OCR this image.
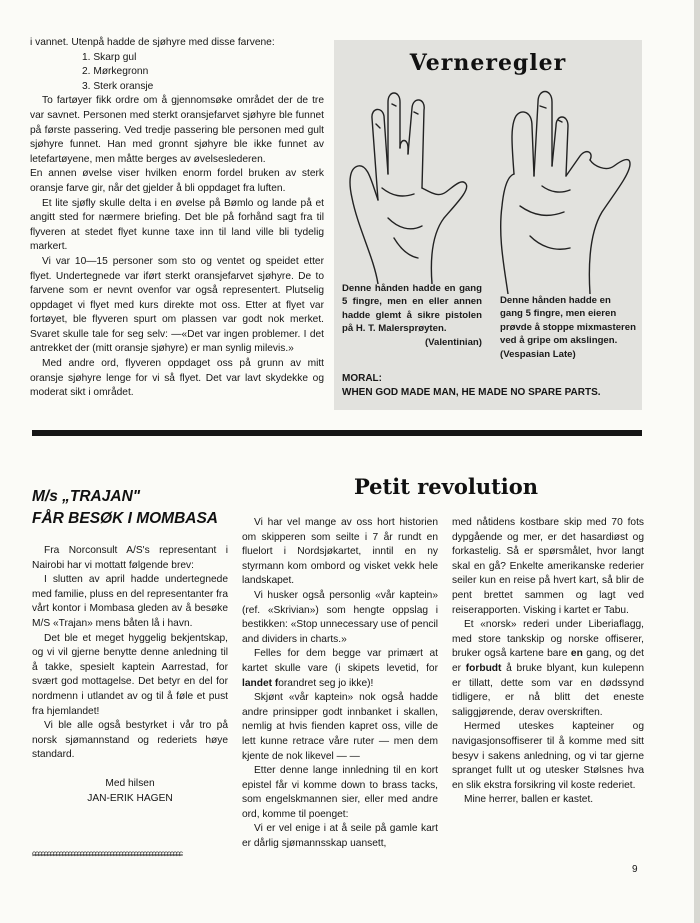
i vannet. Utenpå hadde de sjøhyre med disse farvene:

1. Skarp gul
2. Mørkegronn
3. Sterk oransje

To fartøyer fikk ordre om å gjennomsøke området der de tre var savnet. Personen med sterkt oransjefarvet sjøhyre ble funnet på første passering. Ved tredje passering ble personen med gult sjøhyre funnet. Han med gronnt sjøhyre ble ikke funnet av letefartøyene, men måtte berges av øvelseslederen.

En annen øvelse viser hvilken enorm fordel bruken av sterk oransje farve gir, når det gjelder å bli oppdaget fra luften.

Et lite sjøfly skulle delta i en øvelse på Bømlo og lande på et angitt sted for nærmere briefing. Det ble på forhånd sagt fra til flyveren at stedet flyet kunne taxe inn til land ville bli tydelig markert.

Vi var 10—15 personer som sto og ventet og speidet etter flyet. Undertegnede var iført sterkt oransjefarvet sjøhyre. De to farvene som er nevnt ovenfor var også representert. Plutselig oppdaget vi flyet med kurs direkte mot oss. Etter at flyet var fortøyet, ble flyveren spurt om plassen var godt nok merket. Svaret skulle tale for seg selv: —«Det var ingen problemer. I det antrekket der (mitt oransje sjøhyre) er man synlig milevis.»

Med andre ord, flyveren oppdaget oss på grunn av mitt oransje sjøhyre lenge for vi så flyet. Det var lavt skydekke og moderat sikt i området.

Verneregler
Denne hånden hadde en gang 5 fingre, men en eller annen hadde glemt å sikre pistolen på H. T. Malersprøyten.
(Valentinian)
Denne hånden hadde en gang 5 fingre, men eieren prøvde å stoppe mixmasteren ved å gripe om akslingen. (Vespasian Late)
MORAL:
WHEN GOD MADE MAN, HE MADE NO SPARE PARTS.
M/s „TRAJAN"
FÅR BESØK I MOMBASA

Fra Norconsult A/S's representant i Nairobi har vi mottatt følgende brev:

I slutten av april hadde undertegnede med familie, pluss en del representanter fra vårt kontor i Mombasa gleden av å besøke M/S «Trajan» mens båten lå i havn.

Det ble et meget hyggelig bekjentskap, og vi vil gjerne benytte denne anledning til å takke, spesielt kaptein Aarrestad, for svært god mottagelse. Det betyr en del for nordmenn i utlandet av og til å føle et pust fra hjemlandet!

Vi ble alle også bestyrket i vår tro på norsk sjømannstand og rederiets høye standard.

Med hilsen
JAN-ERIK HAGEN
ɕɕɕɕɕɕɕɕɕɕɕɕɕɕɕɕɕɕɕɕɕɕɕɕɕɕɕɕɕɕɕɕɕɕɕɕɕɕɕɕɕɕɕɕɕɕɕɕɕɕ
Petit revolution

Vi har vel mange av oss hort historien om skipperen som seilte i 7 år rundt en fluelort i Nordsjøkartet, inntil en ny styrmann kom ombord og visket vekk hele landskapet.

Vi husker også personlig «vår kaptein» (ref. «Skrivian») som hengte oppslag i bestikken: «Stop unnecessary use of pencil and dividers in charts.»

Felles for dem begge var primært at kartet skulle vare (i skipets levetid, for landet forandret seg jo ikke)!

Skjønt «vår kaptein» nok også hadde andre prinsipper godt innbanket i skallen, nemlig at hvis fienden kapret oss, ville de lett kunne retrace våre ruter — men dem kjente de nok likevel — —

Etter denne lange innledning til en kort epistel får vi komme down to brass tacks, som engelskmannen sier, eller med andre ord, komme til poenget:

Vi er vel enige i at å seile på gamle kart er dårlig sjømannsskap uansett,

med nåtidens kostbare skip med 70 fots dypgående og mer, er det hasardiøst og forkastelig. Så er spørsmålet, hvor langt skal en gå? Enkelte amerikanske rederier seiler kun en reise på hvert kart, så blir de pent brettet sammen og lagt ved reiserapporten. Visking i kartet er Tabu.

Et «norsk» rederi under Liberiaflagg, med store tankskip og norske offiserer, bruker også kartene bare en gang, og det er forbudt å bruke blyant, kun kulepenn er tillatt, dette som var en dødssynd tidligere, er nå blitt det eneste saliggjørende, derav overskriften.

Hermed uteskes kapteiner og navigasjonsoffiserer til å komme med sitt besyv i sakens anledning, og vi tar gjerne spranget fullt ut og utesker Stølsnes hva en slik ekstra forsikring vil koste rederiet.

Mine herrer, ballen er kastet.

9
